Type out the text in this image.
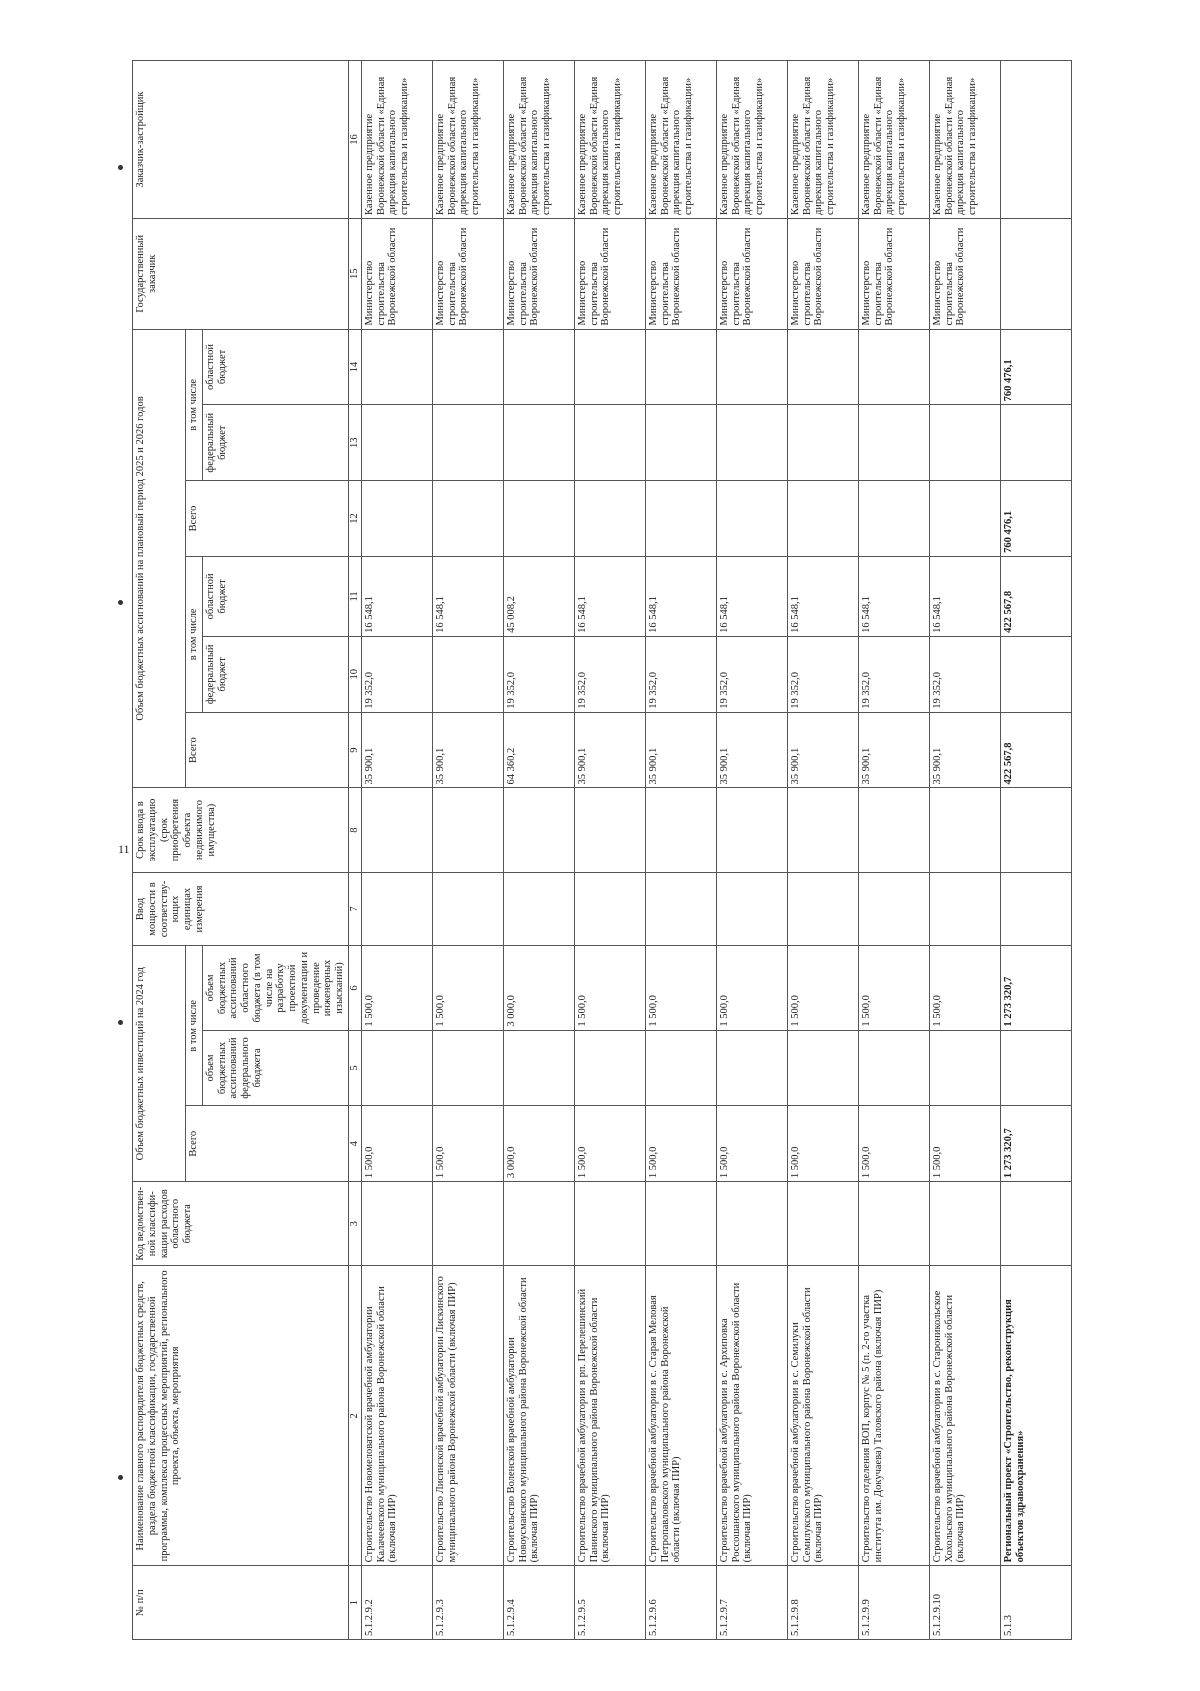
11
№ п/п	Наименование главного распорядителя бюджетных средств, раздела бюджетной классификации, государственной программы, комплекса процессных мероприятий, регионального проекта, объекта, мероприятия	Код ведомствен-ной классифи-кации расходов областного бюджета	Объем бюджетных инвестиций на 2024 год			Ввод мощности в соответству-ющих единицах измерения	Срок ввода в эксплуатацию (срок приобретения объекта недвижимого имущества)	Объем бюджетных ассигнований на плановый период 2025 и 2026 годов						Государственный заказчик	Заказчик-застройщик
			Всего	в том числе				Всего	в том числе		Всего	в том числе			
				объем бюджетных ассигнований федерального бюджета	объем бюджетных ассигнований областного бюджета (в том числе на разработку проектной документации и проведение инженерных изысканий)				федеральный бюджет	областной бюджет		федеральный бюджет	областной бюджет		
1	2	3	4	5	6	7	8	9	10	11	12	13	14	15	16
5.1.2.9.2	Строительство Новомеловатской врачебной амбулатории Калачеевского муниципального района Воронежской области (включая ПИР)		1 500,0		1 500,0			35 900,1	19 352,0	16 548,1				Министерство строительства Воронежской области	Казенное предприятие Воронежской области «Единая дирекция капитального строительства и газификации»
5.1.2.9.3	Строительство Лисинской врачебной амбулатории Лискинского муниципального района Воронежской области (включая ПИР)		1 500,0		1 500,0			35 900,1		16 548,1				Министерство строительства Воронежской области	Казенное предприятие Воронежской области «Единая дирекция капитального строительства и газификации»
5.1.2.9.4	Строительство Воленской врачебной амбулатории Новоусманского муниципального района Воронежской области (включая ПИР)		3 000,0		3 000,0			64 360,2	19 352,0	45 008,2				Министерство строительства Воронежской области	Казенное предприятие Воронежской области «Единая дирекция капитального строительства и газификации»
5.1.2.9.5	Строительство врачебной амбулатории в рп. Перелешинский Панинского муниципального района Воронежской области (включая ПИР)		1 500,0		1 500,0			35 900,1	19 352,0	16 548,1				Министерство строительства Воронежской области	Казенное предприятие Воронежской области «Единая дирекция капитального строительства и газификации»
5.1.2.9.6	Строительство врачебной амбулатории в с. Старая Меловая Петропавловского муниципального района Воронежской области (включая ПИР)		1 500,0		1 500,0			35 900,1	19 352,0	16 548,1				Министерство строительства Воронежской области	Казенное предприятие Воронежской области «Единая дирекция капитального строительства и газификации»
5.1.2.9.7	Строительство врачебной амбулатории в с. Архиповка Россошанского муниципального района Воронежской области (включая ПИР)		1 500,0		1 500,0			35 900,1	19 352,0	16 548,1				Министерство строительства Воронежской области	Казенное предприятие Воронежской области «Единая дирекция капитального строительства и газификации»
5.1.2.9.8	Строительство врачебной амбулатории в с. Семилуки Семилукского муниципального района Воронежской области (включая ПИР)		1 500,0		1 500,0			35 900,1	19 352,0	16 548,1				Министерство строительства Воронежской области	Казенное предприятие Воронежской области «Единая дирекция капитального строительства и газификации»
5.1.2.9.9	Строительство отделения ВОП, корпус № 5 (п. 2-го участка института им. Докучаева) Таловского района (включая ПИР)		1 500,0		1 500,0			35 900,1	19 352,0	16 548,1				Министерство строительства Воронежской области	Казенное предприятие Воронежской области «Единая дирекция капитального строительства и газификации»
5.1.2.9.10	Строительство врачебной амбулатории в с. Староникольское Хохольского муниципального района Воронежской области (включая ПИР)		1 500,0		1 500,0			35 900,1	19 352,0	16 548,1				Министерство строительства Воронежской области	Казенное предприятие Воронежской области «Единая дирекция капитального строительства и газификации»
5.1.3	Региональный проект «Строительство, реконструкция объектов здравоохранения»		1 273 320,7		1 273 320,7			422 567,8		422 567,8	760 476,1		760 476,1		
